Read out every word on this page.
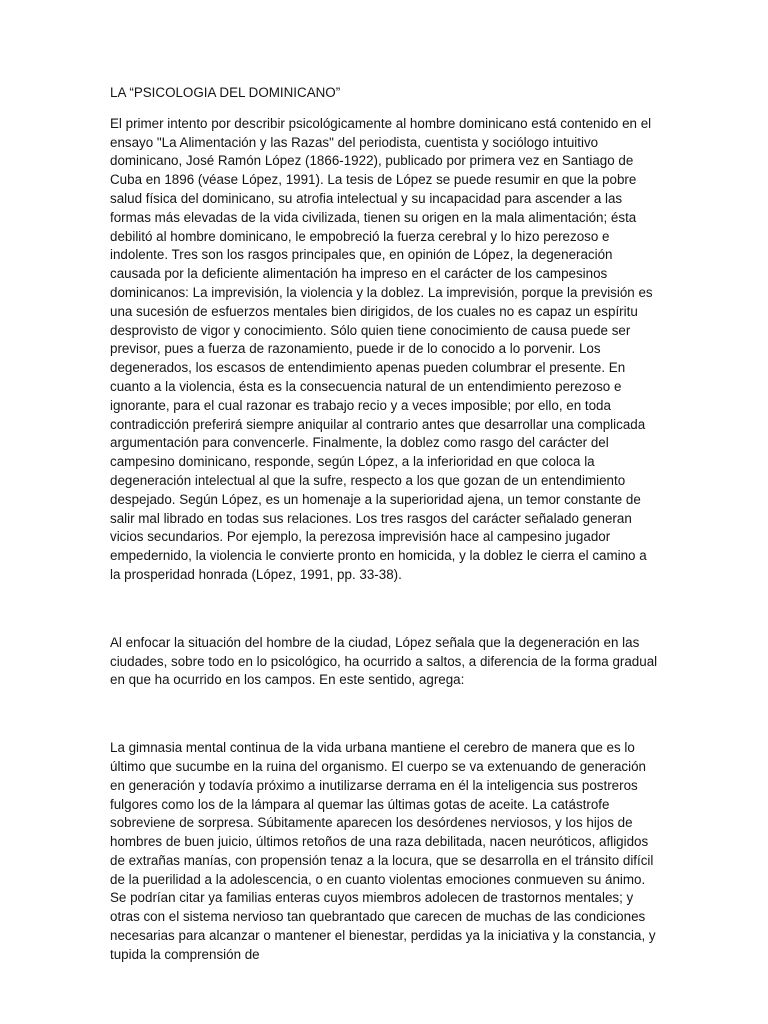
LA “PSICOLOGIA DEL DOMINICANO”

El primer intento por describir psicológicamente al hombre dominicano está contenido en el ensayo "La Alimentación y las Razas" del periodista, cuentista y sociólogo intuitivo dominicano, José Ramón López (1866-1922), publicado por primera vez en Santiago de Cuba en 1896 (véase López, 1991). La tesis de López se puede resumir en que la pobre salud física del dominicano, su atrofia intelectual y su incapacidad para ascender a las formas más elevadas de la vida civilizada, tienen su origen en la mala alimentación; ésta debilitó al hombre dominicano, le empobreció la fuerza cerebral y lo hizo perezoso e indolente. Tres son los rasgos principales que, en opinión de López, la degeneración causada por la deficiente alimentación ha impreso en el carácter de los campesinos dominicanos: La imprevisión, la violencia y la doblez. La imprevisión, porque la previsión es una sucesión de esfuerzos mentales bien dirigidos, de los cuales no es capaz un espíritu desprovisto de vigor y conocimiento. Sólo quien tiene conocimiento de causa puede ser previsor, pues a fuerza de razonamiento, puede ir de lo conocido a lo porvenir. Los degenerados, los escasos de entendimiento apenas pueden columbrar el presente. En cuanto a la violencia, ésta es la consecuencia natural de un entendimiento perezoso e ignorante, para el cual razonar es trabajo recio y a veces imposible; por ello, en toda contradicción preferirá siempre aniquilar al contrario antes que desarrollar una complicada argumentación para convencerle. Finalmente, la doblez como rasgo del carácter del campesino dominicano, responde, según López, a la inferioridad en que coloca la degeneración intelectual al que la sufre, respecto a los que gozan de un entendimiento despejado. Según López, es un homenaje a la superioridad ajena, un temor constante de salir mal librado en todas sus relaciones. Los tres rasgos del carácter señalado generan vicios secundarios. Por ejemplo, la perezosa imprevisión hace al campesino jugador empedernido, la violencia le convierte pronto en homicida, y la doblez le cierra el camino a la prosperidad honrada (López, 1991, pp. 33-38).

Al enfocar la situación del hombre de la ciudad, López señala que la degeneración en las ciudades, sobre todo en lo psicológico, ha ocurrido a saltos, a diferencia de la forma gradual en que ha ocurrido en los campos. En este sentido, agrega:

La gimnasia mental continua de la vida urbana mantiene el cerebro de manera que es lo último que sucumbe en la ruina del organismo. El cuerpo se va extenuando de generación en generación y todavía próximo a inutilizarse derrama en él la inteligencia sus postreros fulgores como los de la lámpara al quemar las últimas gotas de aceite. La catástrofe sobreviene de sorpresa. Súbitamente aparecen los desórdenes nerviosos, y los hijos de hombres de buen juicio, últimos retoños de una raza debilitada, nacen neuróticos, afligidos de extrañas manías, con propensión tenaz a la locura, que se desarrolla en el tránsito difícil de la puerilidad a la adolescencia, o en cuanto violentas emociones conmueven su ánimo. Se podrían citar ya familias enteras cuyos miembros adolecen de trastornos mentales; y otras con el sistema nervioso tan quebrantado que carecen de muchas de las condiciones necesarias para alcanzar o mantener el bienestar, perdidas ya la iniciativa y la constancia, y tupida la comprensión de
